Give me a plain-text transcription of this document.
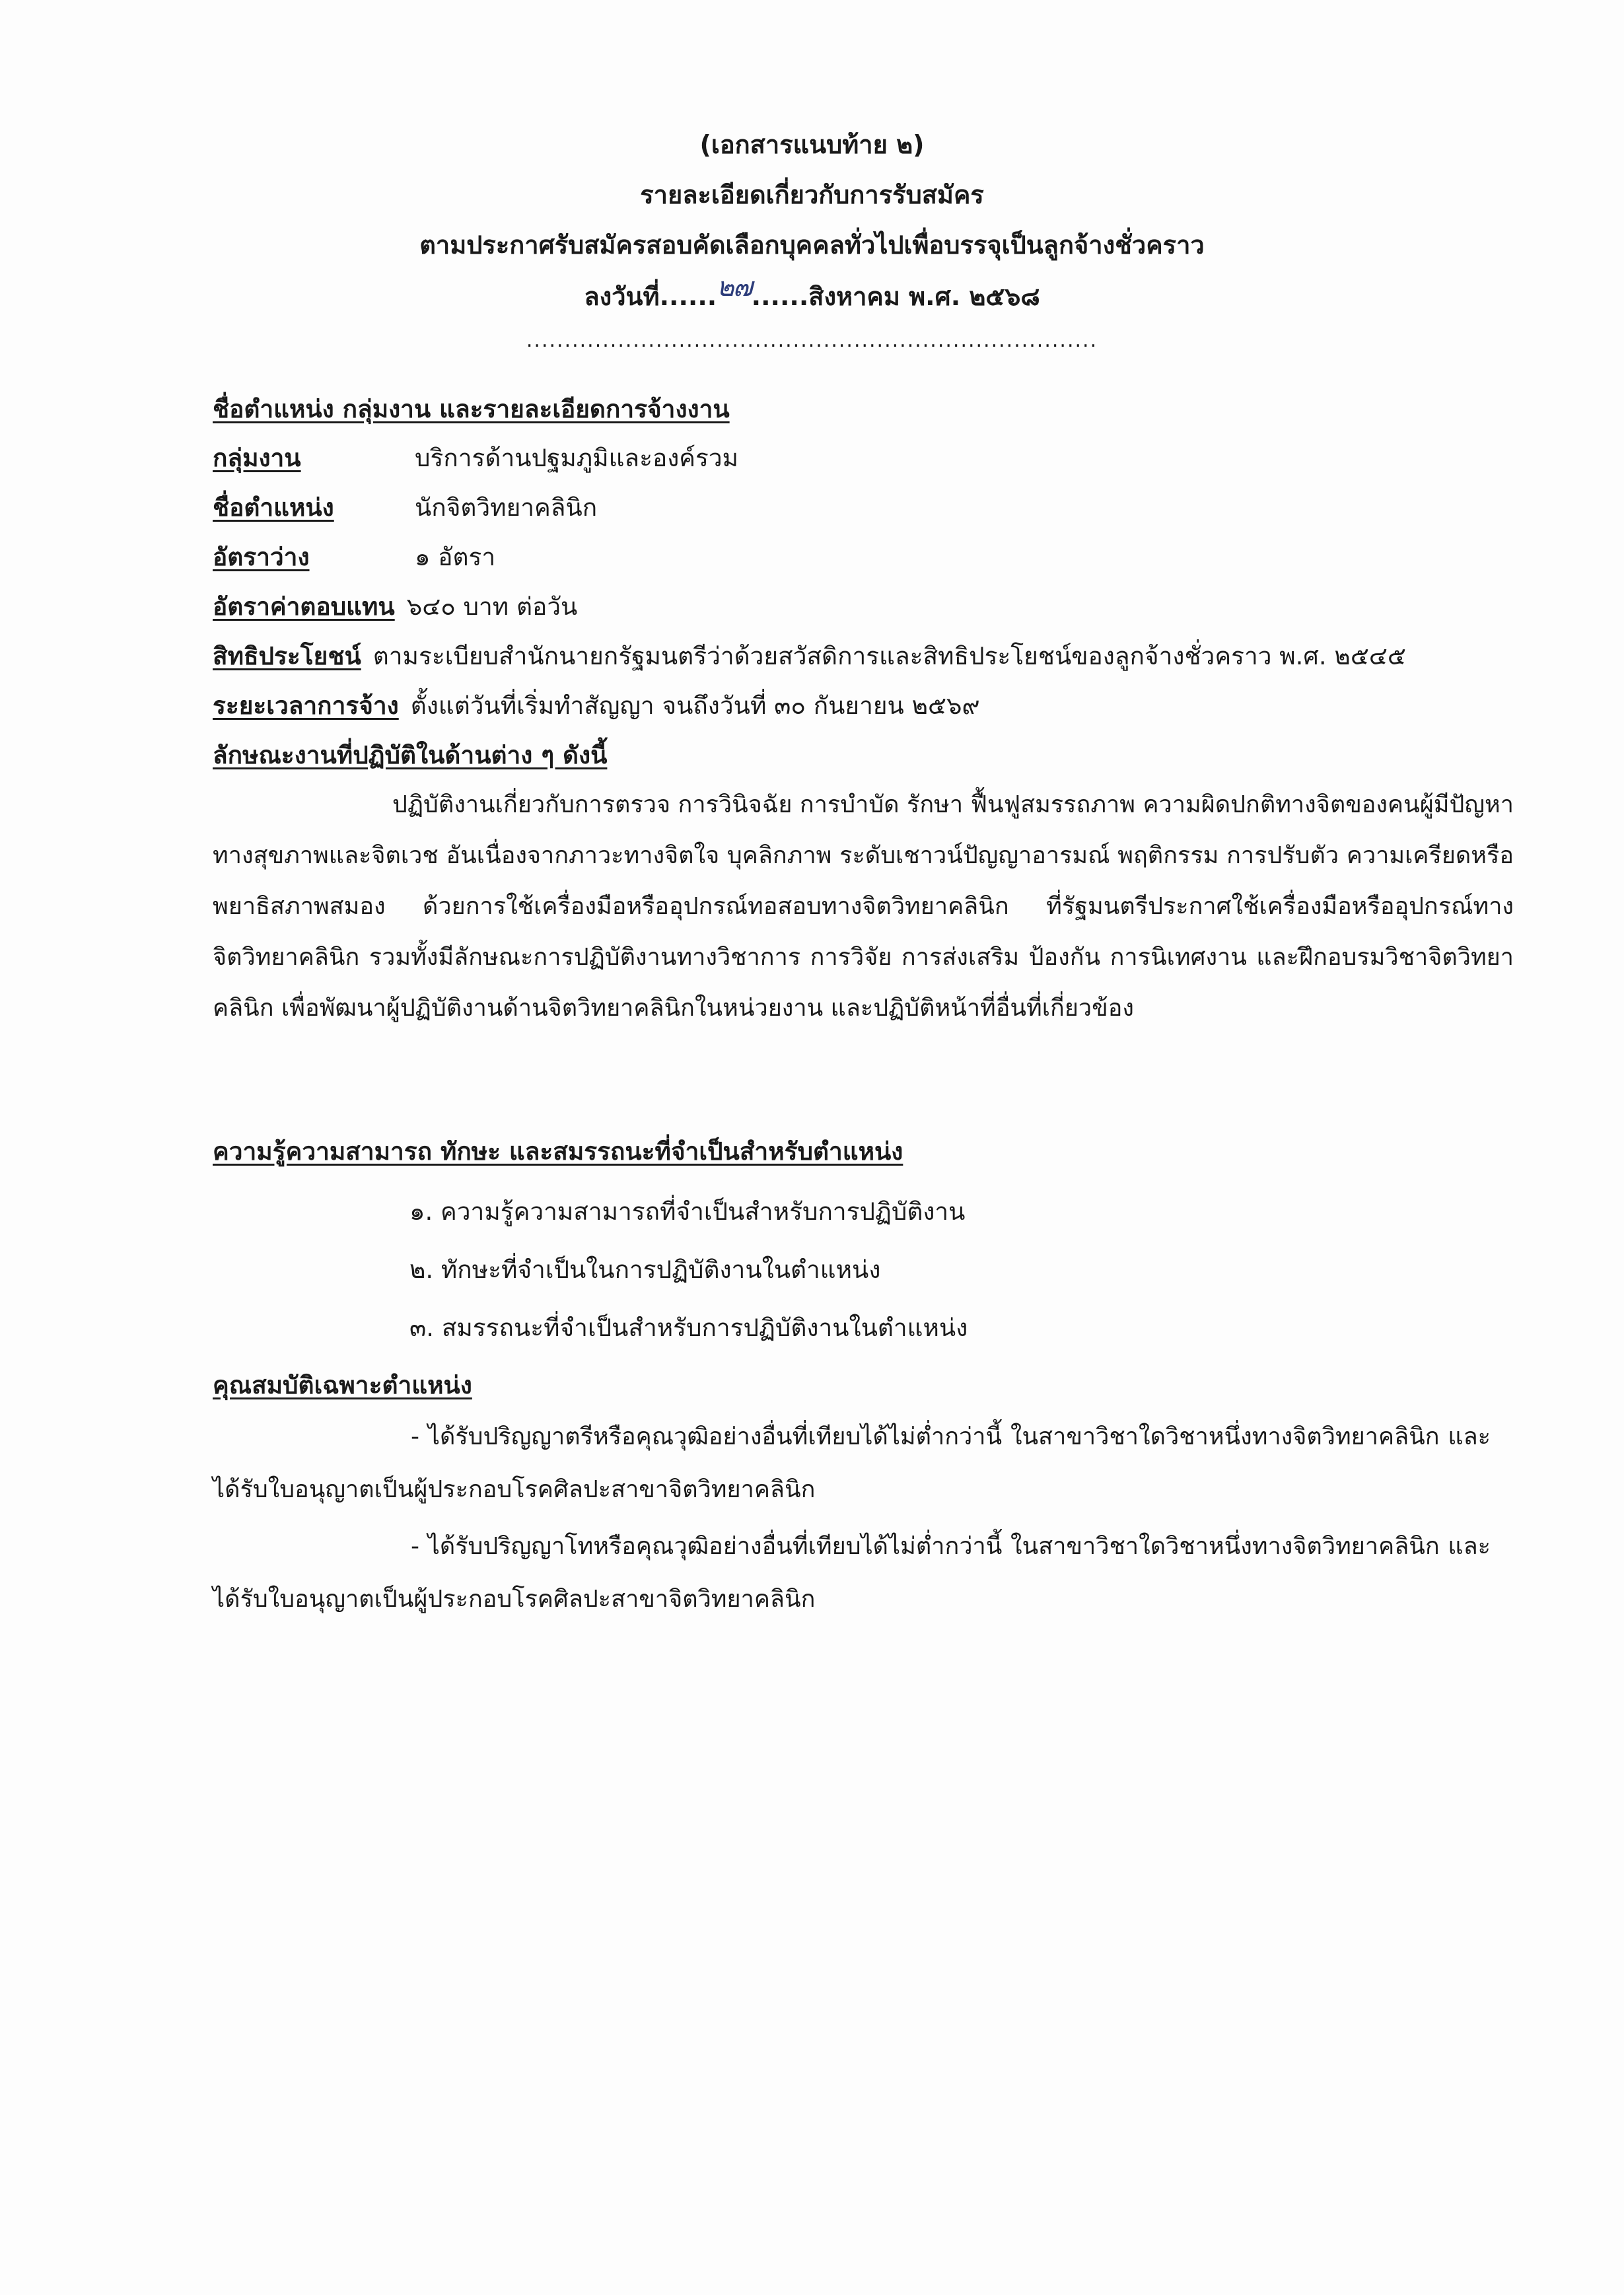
(เอกสารแนบท้าย ๒)
รายละเอียดเกี่ยวกับการรับสมัคร
ตามประกาศรับสมัครสอบคัดเลือกบุคคลทั่วไปเพื่อบรรจุเป็นลูกจ้างชั่วคราว
ลงวันที่......๒๗......สิงหาคม พ.ศ. ๒๕๖๘
...........................................................................
ชื่อตำแหน่ง กลุ่มงาน และรายละเอียดการจ้างงาน
กลุ่มงาน	บริการด้านปฐมภูมิและองค์รวม
ชื่อตำแหน่ง	นักจิตวิทยาคลินิก
อัตราว่าง	๑ อัตรา
อัตราค่าตอบแทน ๖๔๐ บาท ต่อวัน
สิทธิประโยชน์ ตามระเบียบสำนักนายกรัฐมนตรีว่าด้วยสวัสดิการและสิทธิประโยชน์ของลูกจ้างชั่วคราว พ.ศ. ๒๕๔๕
ระยะเวลาการจ้าง ตั้งแต่วันที่เริ่มทำสัญญา จนถึงวันที่ ๓๐ กันยายน ๒๕๖๙
ลักษณะงานที่ปฏิบัติในด้านต่าง ๆ ดังนี้
ปฏิบัติงานเกี่ยวกับการตรวจ การวินิจฉัย การบำบัด รักษา ฟื้นฟูสมรรถภาพ ความผิดปกติทางจิตของคนผู้มีปัญหาทางสุขภาพและจิตเวช อันเนื่องจากภาวะทางจิตใจ บุคลิกภาพ ระดับเชาวน์ปัญญาอารมณ์ พฤติกรรม การปรับตัว ความเครียดหรือพยาธิสภาพสมอง ด้วยการใช้เครื่องมือหรืออุปกรณ์ทอสอบทางจิตวิทยาคลินิก ที่รัฐมนตรีประกาศใช้เครื่องมือหรืออุปกรณ์ทางจิตวิทยาคลินิก รวมทั้งมีลักษณะการปฏิบัติงานทางวิชาการ การวิจัย การส่งเสริม ป้องกัน การนิเทศงาน และฝึกอบรมวิชาจิตวิทยาคลินิก เพื่อพัฒนาผู้ปฏิบัติงานด้านจิตวิทยาคลินิกในหน่วยงาน และปฏิบัติหน้าที่อื่นที่เกี่ยวข้อง
ความรู้ความสามารถ ทักษะ และสมรรถนะที่จำเป็นสำหรับตำแหน่ง
๑. ความรู้ความสามารถที่จำเป็นสำหรับการปฏิบัติงาน
๒. ทักษะที่จำเป็นในการปฏิบัติงานในตำแหน่ง
๓. สมรรถนะที่จำเป็นสำหรับการปฏิบัติงานในตำแหน่ง
คุณสมบัติเฉพาะตำแหน่ง
- ได้รับปริญญาตรีหรือคุณวุฒิอย่างอื่นที่เทียบได้ไม่ต่ำกว่านี้ ในสาขาวิชาใดวิชาหนึ่งทางจิตวิทยาคลินิก และได้รับใบอนุญาตเป็นผู้ประกอบโรคศิลปะสาขาจิตวิทยาคลินิก
- ได้รับปริญญาโทหรือคุณวุฒิอย่างอื่นที่เทียบได้ไม่ต่ำกว่านี้ ในสาขาวิชาใดวิชาหนึ่งทางจิตวิทยาคลินิก และได้รับใบอนุญาตเป็นผู้ประกอบโรคศิลปะสาขาจิตวิทยาคลินิก
